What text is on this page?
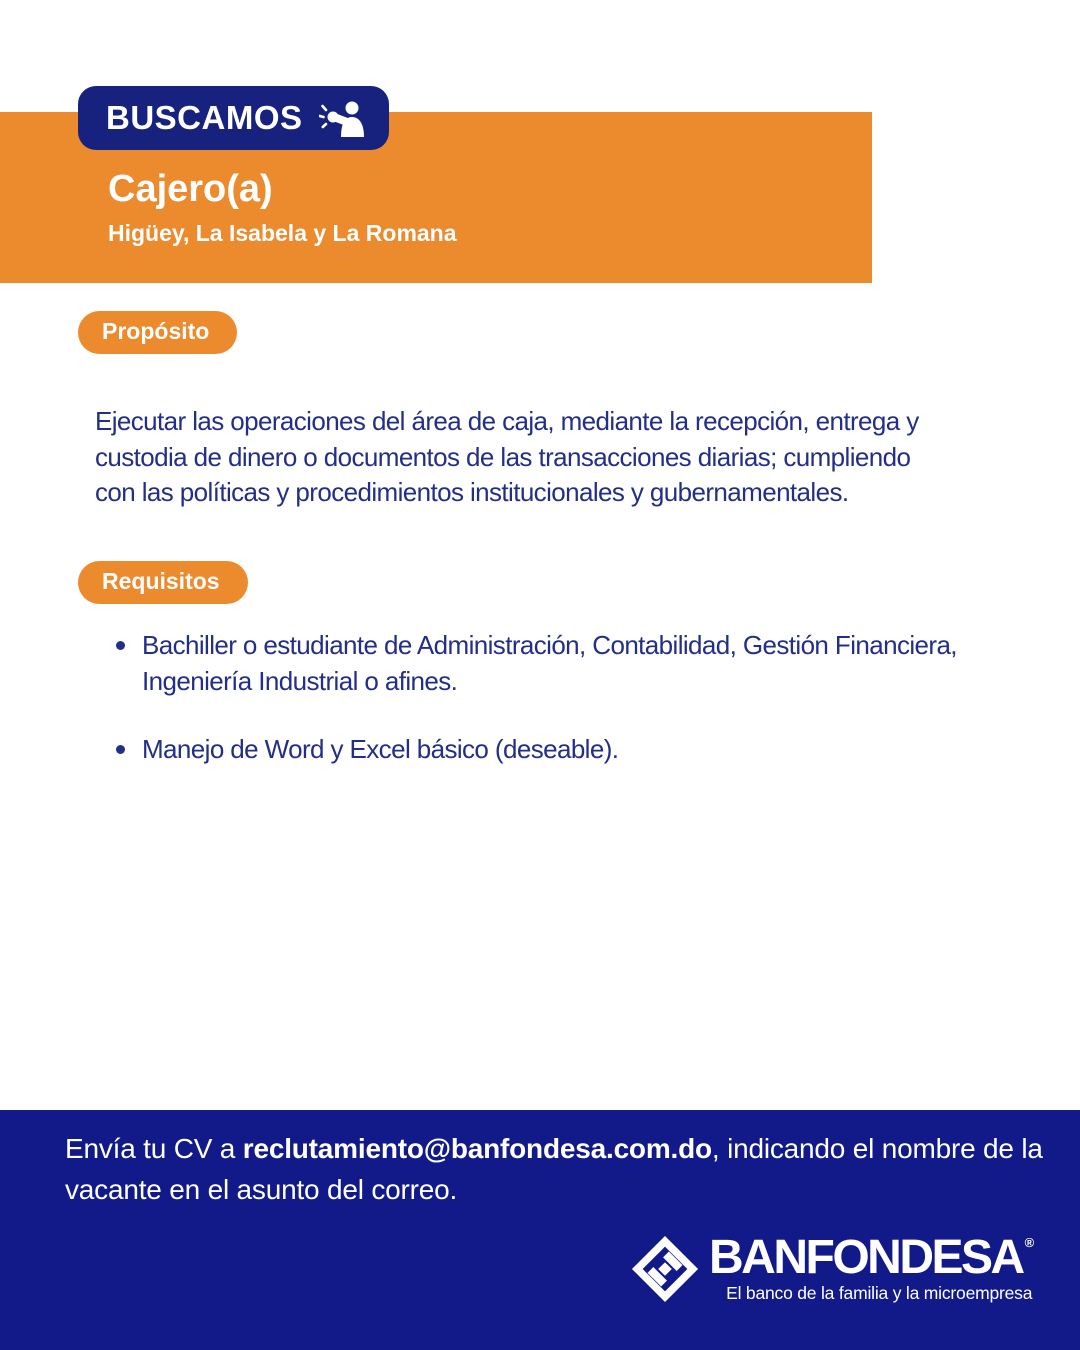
BUSCAMOS
Cajero(a)
Higüey, La Isabela y La Romana
Propósito

Ejecutar las operaciones del área de caja, mediante la recepción, entrega y
custodia de dinero o documentos de las transacciones diarias; cumpliendo
con las políticas y procedimientos institucionales y gubernamentales.

Requisitos
Bachiller o estudiante de Administración, Contabilidad, Gestión Financiera, Ingeniería Industrial o afines.
Manejo de Word y Excel básico (deseable).

Envía tu CV a reclutamiento@banfondesa.com.do, indicando el nombre de la vacante en el asunto del correo.

BANFONDESA ®
El banco de la familia y la microempresa
